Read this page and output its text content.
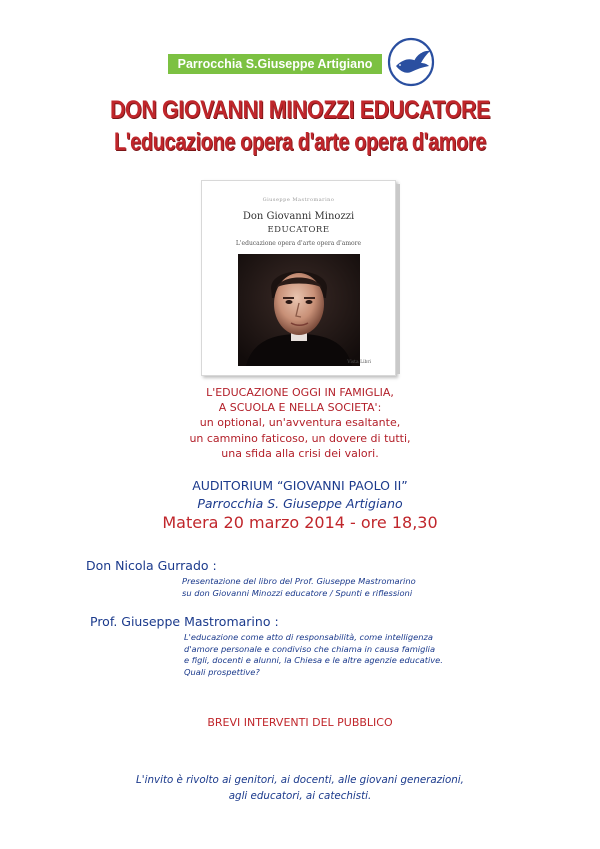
Parrocchia S.Giuseppe Artigiano
DON GIOVANNI MINOZZI EDUCATORE
L'educazione opera d'arte opera d'amore
Giuseppe Mastromarino
Don Giovanni Minozzi
EDUCATORE
L'educazione opera d'arte opera d'amore
Vista Libri
L'EDUCAZIONE OGGI IN FAMIGLIA,
A SCUOLA E NELLA SOCIETA':
un optional, un'avventura esaltante,
un cammino faticoso, un dovere di tutti,
una sfida alla crisi dei valori.
AUDITORIUM “GIOVANNI PAOLO II”
Parrocchia S. Giuseppe Artigiano
Matera 20 marzo 2014 - ore 18,30
Don Nicola Gurrado :
Presentazione del libro del Prof. Giuseppe Mastromarino
su don Giovanni Minozzi educatore / Spunti e riflessioni
Prof. Giuseppe Mastromarino :
L'educazione come atto di responsabilità, come intelligenza
d'amore personale e condiviso che chiama in causa famiglia
e figli, docenti e alunni, la Chiesa e le altre agenzie educative.
Quali prospettive?
BREVI INTERVENTI DEL PUBBLICO
L'invito è rivolto ai genitori, ai docenti, alle giovani generazioni,
agli educatori, ai catechisti.
